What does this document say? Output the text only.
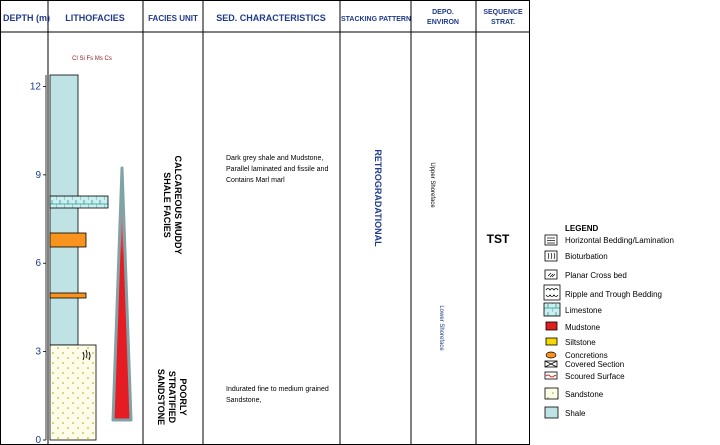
DEPTH (m) LITHOFACIES	FACIES UNIT SED. CHARACTERISTICS STACKING PATTERN
DEPO.
ENVIRON
SEQUENCE
STRAT.
Cl Si Fs Ms Cs
12
9
6
3
0
CALCAREOUS MUDDY
SHALE FACIES
POORLY
STRATIFIED
SANDSTONE
Dark grey shale and Mudstone,
Parallel laminated and fissile and
Contains Marl marl
Indurated fine to medium grained
Sandstone,
RETROGRADATIONAL	Upper Shoreface
Lower Shoreface
TST
LEGEND
Horizontal Bedding/Lamination
Bioturbation
Planar Cross bed
Ripple and Trough Bedding
Limestone
Mudstone
Siltstone
Concretions
Covered Section
Scoured Surface
Sandstone
Shale
